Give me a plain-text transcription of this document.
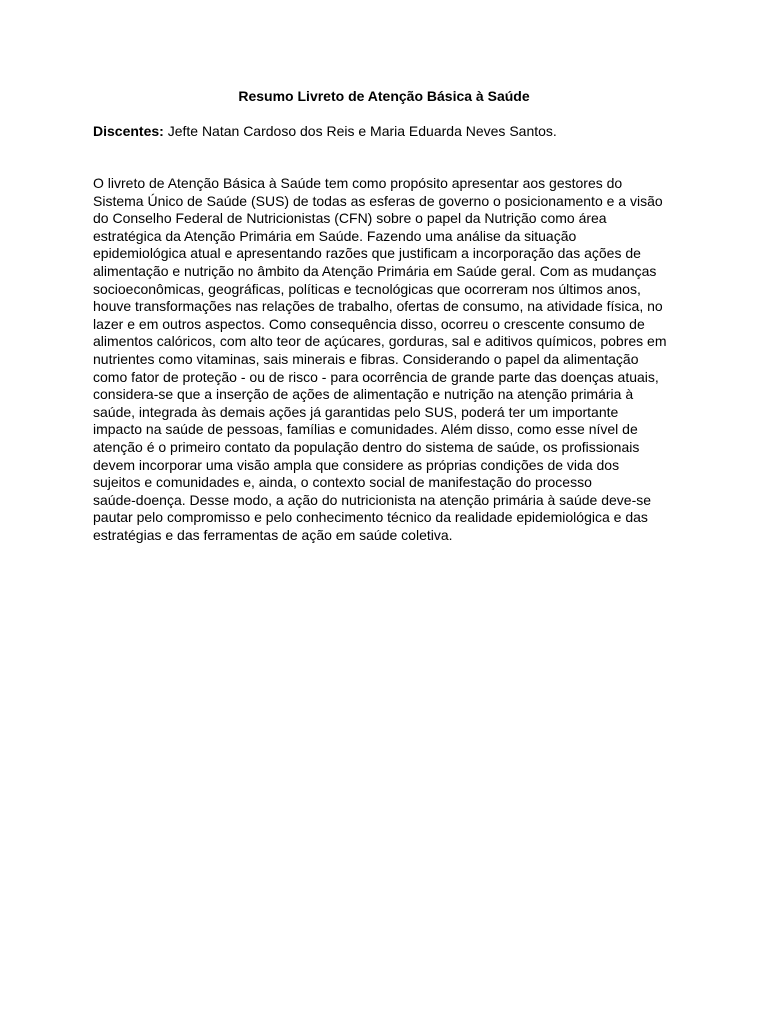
Resumo Livreto de Atenção Básica à Saúde
Discentes: Jefte Natan Cardoso dos Reis e Maria Eduarda Neves Santos.
O livreto de Atenção Básica à Saúde tem como propósito apresentar aos gestores do
Sistema Único de Saúde (SUS) de todas as esferas de governo o posicionamento e a visão
do Conselho Federal de Nutricionistas (CFN) sobre o papel da Nutrição como área
estratégica da Atenção Primária em Saúde. Fazendo uma análise da situação
epidemiológica atual e apresentando razões que justificam a incorporação das ações de
alimentação e nutrição no âmbito da Atenção Primária em Saúde geral. Com as mudanças
socioeconômicas, geográficas, políticas e tecnológicas que ocorreram nos últimos anos,
houve transformações nas relações de trabalho, ofertas de consumo, na atividade física, no
lazer e em outros aspectos. Como consequência disso, ocorreu o crescente consumo de
alimentos calóricos, com alto teor de açúcares, gorduras, sal e aditivos químicos, pobres em
nutrientes como vitaminas, sais minerais e fibras. Considerando o papel da alimentação
como fator de proteção - ou de risco - para ocorrência de grande parte das doenças atuais,
considera-se que a inserção de ações de alimentação e nutrição na atenção primária à
saúde, integrada às demais ações já garantidas pelo SUS, poderá ter um importante
impacto na saúde de pessoas, famílias e comunidades. Além disso, como esse nível de
atenção é o primeiro contato da população dentro do sistema de saúde, os profissionais
devem incorporar uma visão ampla que considere as próprias condições de vida dos
sujeitos e comunidades e, ainda, o contexto social de manifestação do processo
saúde-doença. Desse modo, a ação do nutricionista na atenção primária à saúde deve-se
pautar pelo compromisso e pelo conhecimento técnico da realidade epidemiológica e das
estratégias e das ferramentas de ação em saúde coletiva.
